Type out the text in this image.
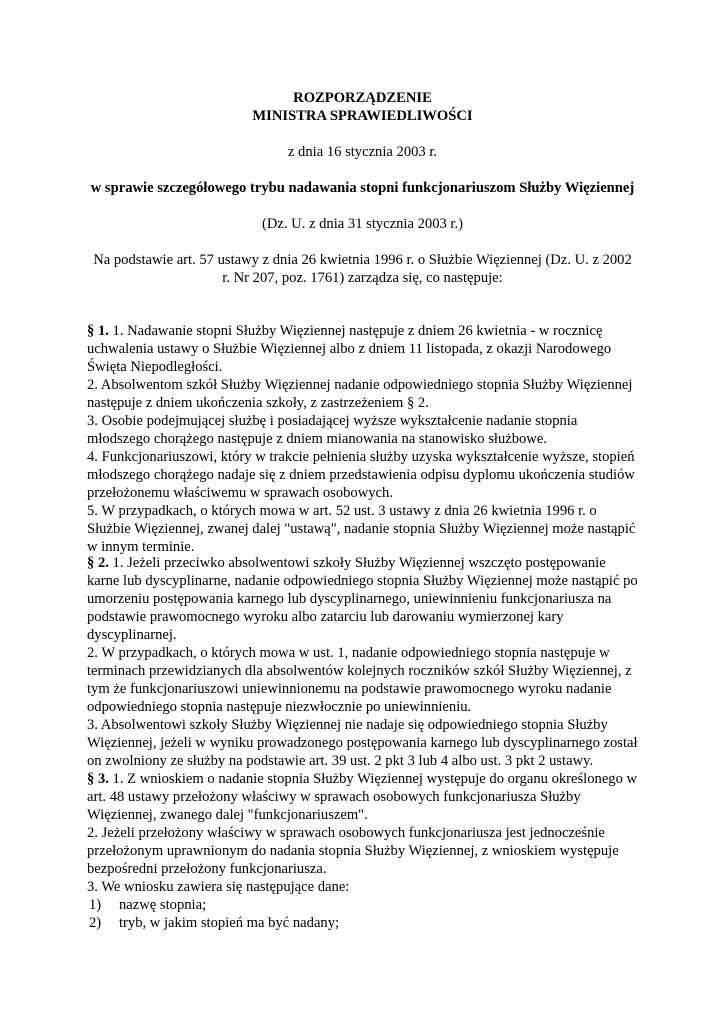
ROZPORZĄDZENIE
MINISTRA SPRAWIEDLIWOŚCI
z dnia 16 stycznia 2003 r.
w sprawie szczegółowego trybu nadawania stopni funkcjonariuszom Służby Więziennej
(Dz. U. z dnia 31 stycznia 2003 r.)
Na podstawie art. 57 ustawy z dnia 26 kwietnia 1996 r. o Służbie Więziennej (Dz. U. z 2002
r. Nr 207, poz. 1761) zarządza się, co następuje:
§ 1. 1. Nadawanie stopni Służby Więziennej następuje z dniem 26 kwietnia - w rocznicę
uchwalenia ustawy o Służbie Więziennej albo z dniem 11 listopada, z okazji Narodowego
Święta Niepodległości.
2. Absolwentom szkół Służby Więziennej nadanie odpowiedniego stopnia Służby Więziennej
następuje z dniem ukończenia szkoły, z zastrzeżeniem § 2.
3. Osobie podejmującej służbę i posiadającej wyższe wykształcenie nadanie stopnia
młodszego chorążego następuje z dniem mianowania na stanowisko służbowe.
4. Funkcjonariuszowi, który w trakcie pełnienia służby uzyska wykształcenie wyższe, stopień
młodszego chorążego nadaje się z dniem przedstawienia odpisu dyplomu ukończenia studiów
przełożonemu właściwemu w sprawach osobowych.
5. W przypadkach, o których mowa w art. 52 ust. 3 ustawy z dnia 26 kwietnia 1996 r. o
Służbie Więziennej, zwanej dalej "ustawą", nadanie stopnia Służby Więziennej może nastąpić
w innym terminie.
§ 2. 1. Jeżeli przeciwko absolwentowi szkoły Służby Więziennej wszczęto postępowanie
karne lub dyscyplinarne, nadanie odpowiedniego stopnia Służby Więziennej może nastąpić po
umorzeniu postępowania karnego lub dyscyplinarnego, uniewinnieniu funkcjonariusza na
podstawie prawomocnego wyroku albo zatarciu lub darowaniu wymierzonej kary
dyscyplinarnej.
2. W przypadkach, o których mowa w ust. 1, nadanie odpowiedniego stopnia następuje w
terminach przewidzianych dla absolwentów kolejnych roczników szkół Służby Więziennej, z
tym że funkcjonariuszowi uniewinnionemu na podstawie prawomocnego wyroku nadanie
odpowiedniego stopnia następuje niezwłocznie po uniewinnieniu.
3. Absolwentowi szkoły Służby Więziennej nie nadaje się odpowiedniego stopnia Służby
Więziennej, jeżeli w wyniku prowadzonego postępowania karnego lub dyscyplinarnego został
on zwolniony ze służby na podstawie art. 39 ust. 2 pkt 3 lub 4 albo ust. 3 pkt 2 ustawy.
§ 3. 1. Z wnioskiem o nadanie stopnia Służby Więziennej występuje do organu określonego w
art. 48 ustawy przełożony właściwy w sprawach osobowych funkcjonariusza Służby
Więziennej, zwanego dalej "funkcjonariuszem".
2. Jeżeli przełożony właściwy w sprawach osobowych funkcjonariusza jest jednocześnie
przełożonym uprawnionym do nadania stopnia Służby Więziennej, z wnioskiem występuje
bezpośredni przełożony funkcjonariusza.
3. We wniosku zawiera się następujące dane:
1) nazwę stopnia;
2) tryb, w jakim stopień ma być nadany;
